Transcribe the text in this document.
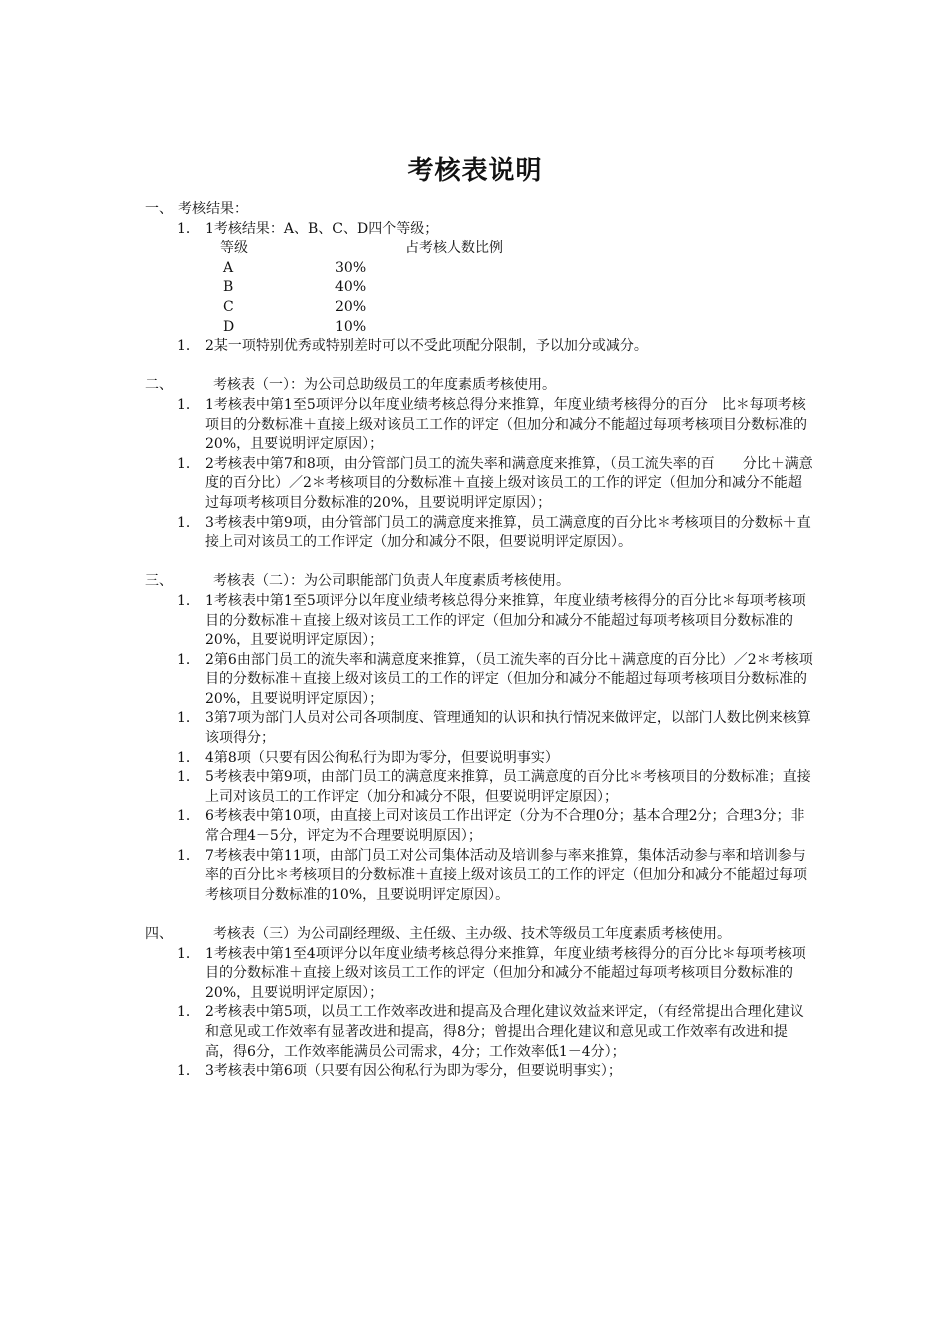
考核表说明
一、 考核结果：
1． 1考核结果：A、B、C、D四个等级；
等级	占考核人数比例
A	30%
B	40%
C	20%
D	10%
1． 2某一项特别优秀或特别差时可以不受此项配分限制，予以加分或减分。
二、	考核表（一）：为公司总助级员工的年度素质考核使用。
1． 1考核表中第1至5项评分以年度业绩考核总得分来推算，年度业绩考核得分的百分　比＊每项考核项目的分数标准＋直接上级对该员工工作的评定（但加分和减分不能超过每项考核项目分数标准的20%，且要说明评定原因）；
1． 2考核表中第7和8项，由分管部门员工的流失率和满意度来推算，（员工流失率的百　　分比＋满意度的百分比）／2＊考核项目的分数标准＋直接上级对该员工的工作的评定（但加分和减分不能超过每项考核项目分数标准的20%，且要说明评定原因）；
1． 3考核表中第9项，由分管部门员工的满意度来推算，员工满意度的百分比＊考核项目的分数标＋直接上司对该员工的工作评定（加分和减分不限，但要说明评定原因）。
三、	考核表（二）：为公司职能部门负责人年度素质考核使用。
1． 1考核表中第1至5项评分以年度业绩考核总得分来推算，年度业绩考核得分的百分比＊每项考核项目的分数标准＋直接上级对该员工工作的评定（但加分和减分不能超过每项考核项目分数标准的20%，且要说明评定原因）；
1． 2第6由部门员工的流失率和满意度来推算，（员工流失率的百分比＋满意度的百分比）／2＊考核项目的分数标准＋直接上级对该员工的工作的评定（但加分和减分不能超过每项考核项目分数标准的20%，且要说明评定原因）；
1． 3第7项为部门人员对公司各项制度、管理通知的认识和执行情况来做评定，以部门人数比例来核算该项得分；
1． 4第8项（只要有因公徇私行为即为零分，但要说明事实）
1． 5考核表中第9项，由部门员工的满意度来推算，员工满意度的百分比＊考核项目的分数标准；直接上司对该员工的工作评定（加分和减分不限，但要说明评定原因）；
1． 6考核表中第10项，由直接上司对该员工作出评定（分为不合理0分；基本合理2分；合理3分；非常合理4－5分，评定为不合理要说明原因）；
1． 7考核表中第11项，由部门员工对公司集体活动及培训参与率来推算，集体活动参与率和培训参与率的百分比＊考核项目的分数标准＋直接上级对该员工的工作的评定（但加分和减分不能超过每项考核项目分数标准的10%，且要说明评定原因）。
四、	考核表（三）为公司副经理级、主任级、主办级、技术等级员工年度素质考核使用。
1． 1考核表中第1至4项评分以年度业绩考核总得分来推算，年度业绩考核得分的百分比＊每项考核项目的分数标准＋直接上级对该员工工作的评定（但加分和减分不能超过每项考核项目分数标准的20%，且要说明评定原因）；
1． 2考核表中第5项，以员工工作效率改进和提高及合理化建议效益来评定，（有经常提出合理化建议和意见或工作效率有显著改进和提高，得8分；曾提出合理化建议和意见或工作效率有改进和提高，得6分，工作效率能满员公司需求，4分；工作效率低1－4分）；
1． 3考核表中第6项（只要有因公徇私行为即为零分，但要说明事实）；
